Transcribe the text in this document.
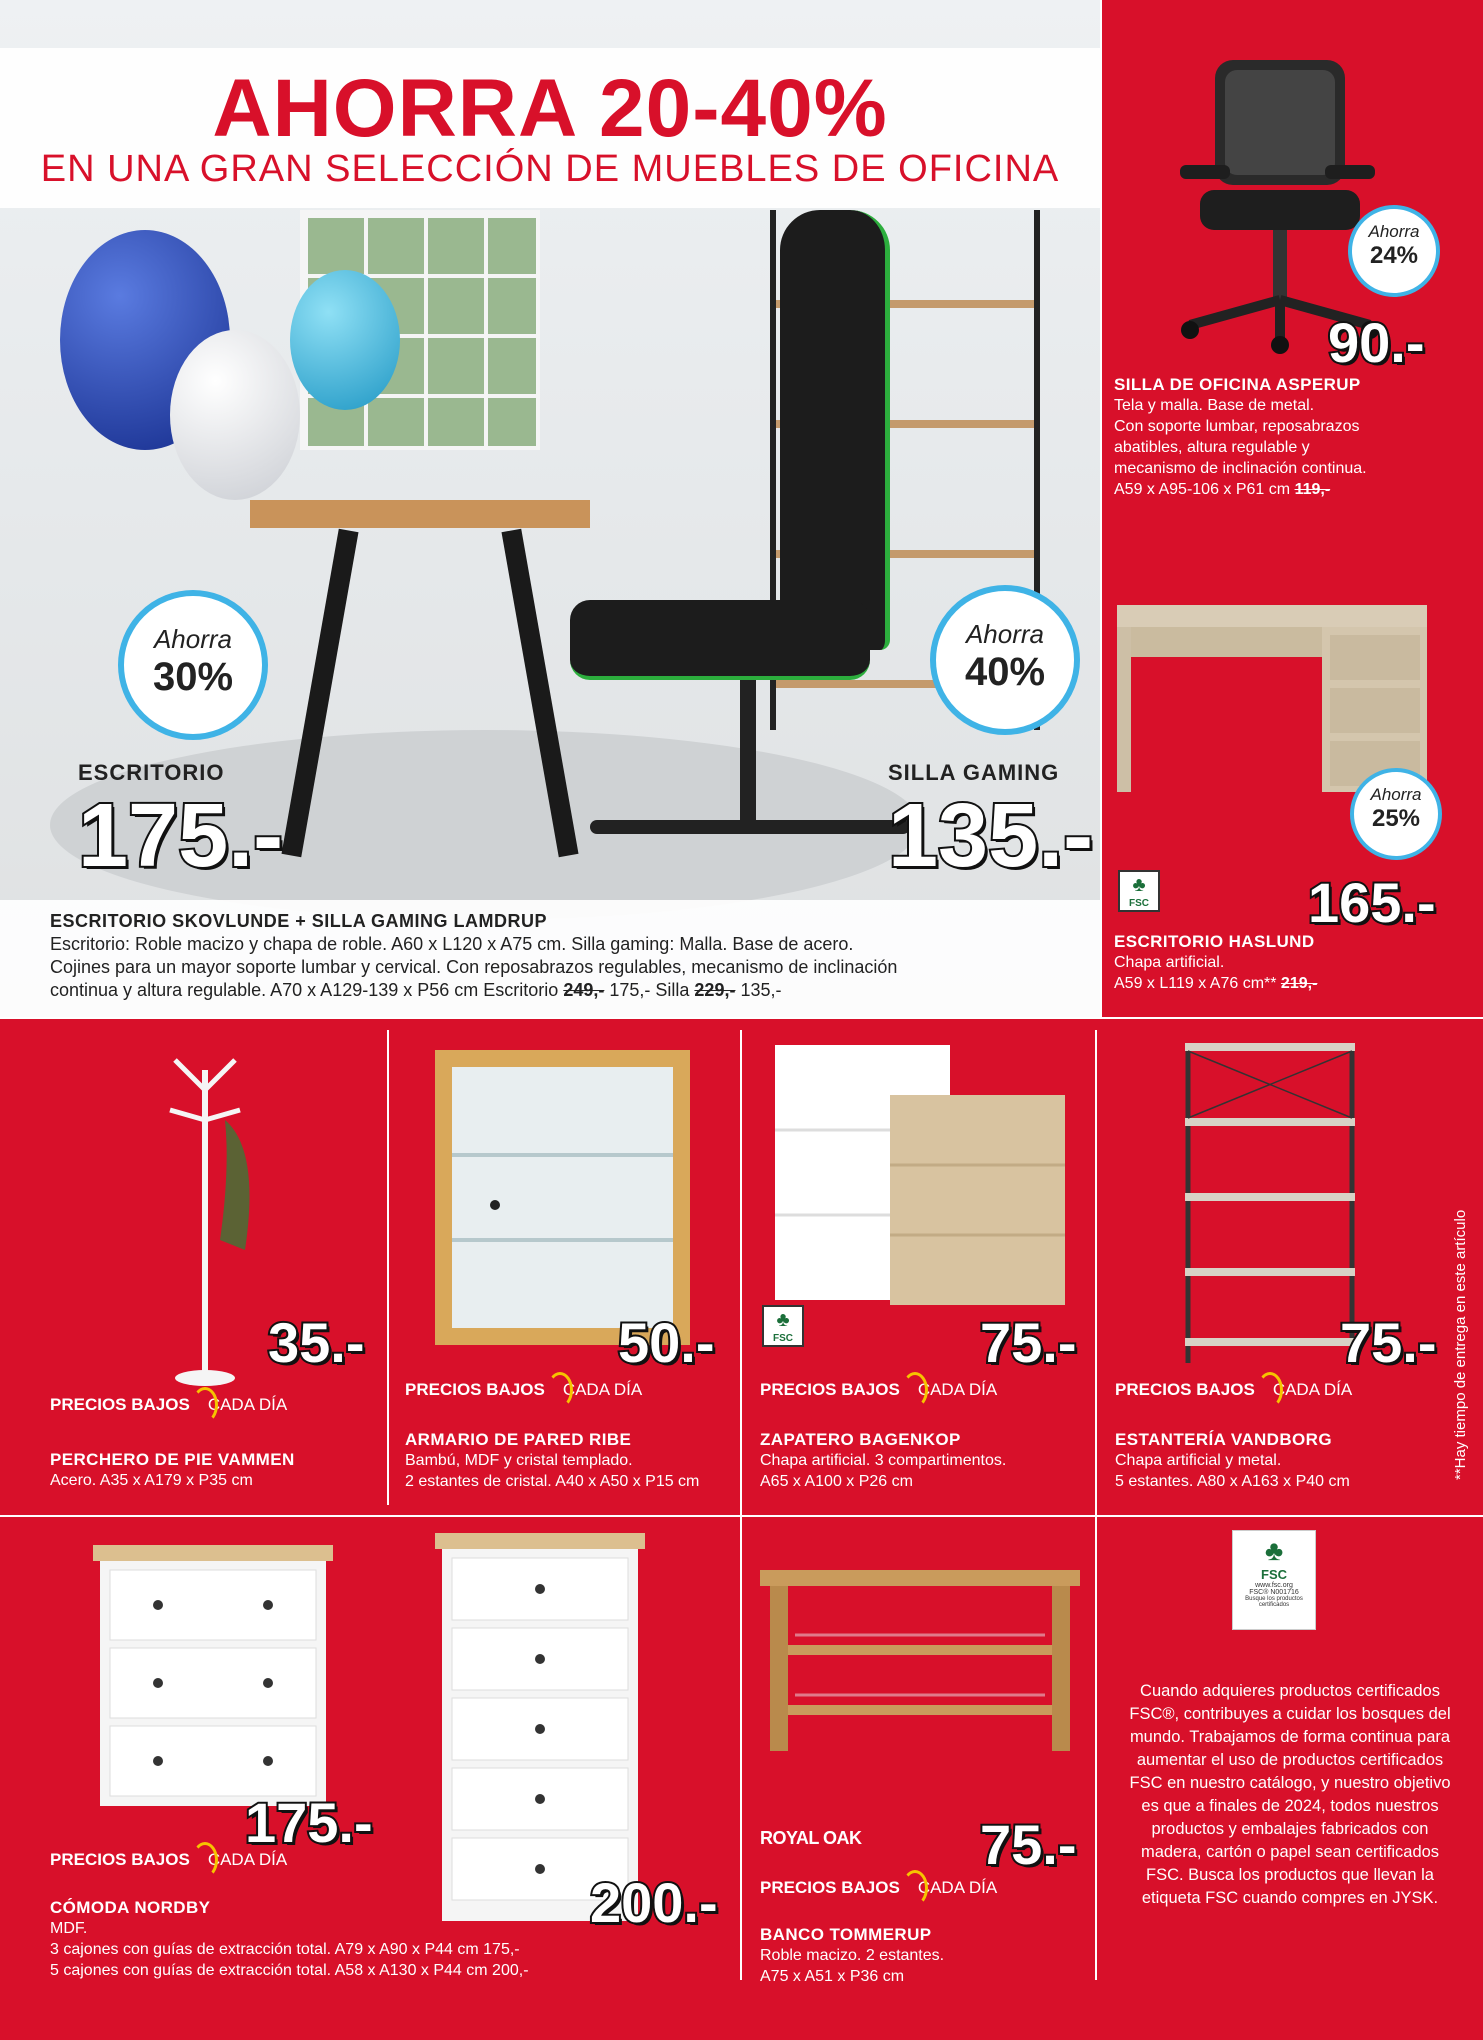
AHORRA 20-40%
EN UNA GRAN SELECCIÓN DE MUEBLES DE OFICINA
Ahorra
30%
Ahorra
40%
ESCRITORIO
175.-
SILLA GAMING
135.-
ESCRITORIO SKOVLUNDE + SILLA GAMING LAMDRUP
Escritorio: Roble macizo y chapa de roble. A60 x L120 x A75 cm. Silla gaming: Malla. Base de acero.
Cojines para un mayor soporte lumbar y cervical. Con reposabrazos regulables, mecanismo de inclinación
continua y altura regulable. A70 x A129-139 x P56 cm Escritorio 249,- 175,- Silla 229,- 135,-
Ahorra
24%
90.-
SILLA DE OFICINA ASPERUP
Tela y malla. Base de metal.
Con soporte lumbar, reposabrazos
abatibles, altura regulable y
mecanismo de inclinación continua.
A59 x A95-106 x P61 cm 119,-
Ahorra
25%
♣ FSC	165.-
ESCRITORIO HASLUND
Chapa artificial.
A59 x L119 x A76 cm** 219,-
35.-
PRECIOS BAJOS CADA DÍA
PERCHERO DE PIE VAMMEN
Acero. A35 x A179 x P35 cm
50.-
PRECIOS BAJOS CADA DÍA
ARMARIO DE PARED RIBE
Bambú, MDF y cristal templado.
2 estantes de cristal. A40 x A50 x P15 cm
♣ FSC	75.-
PRECIOS BAJOS CADA DÍA
ZAPATERO BAGENKOP
Chapa artificial. 3 compartimentos.
A65 x A100 x P26 cm
75.-
PRECIOS BAJOS CADA DÍA
ESTANTERÍA VANDBORG
Chapa artificial y metal.
5 estantes. A80 x A163 x P40 cm
**Hay tiempo de entrega en este artículo
175.-
200.-
PRECIOS BAJOS CADA DÍA
CÓMODA NORDBY
MDF.
3 cajones con guías de extracción total. A79 x A90 x P44 cm 175,-
5 cajones con guías de extracción total. A58 x A130 x P44 cm 200,-
ROYAL OAK 75.-
PRECIOS BAJOS CADA DÍA
BANCO TOMMERUP
Roble macizo. 2 estantes.
A75 x A51 x P36 cm
♣
FSC
www.fsc.org
FSC® N001716
Busque los productos certificados
Cuando adquieres productos certificados FSC®, contribuyes a cuidar los bosques del mundo. Trabajamos de forma continua para aumentar el uso de productos certificados FSC en nuestro catálogo, y nuestro objetivo es que a finales de 2024, todos nuestros productos y embalajes fabricados con madera, cartón o papel sean certificados FSC. Busca los productos que llevan la etiqueta FSC cuando compres en JYSK.
